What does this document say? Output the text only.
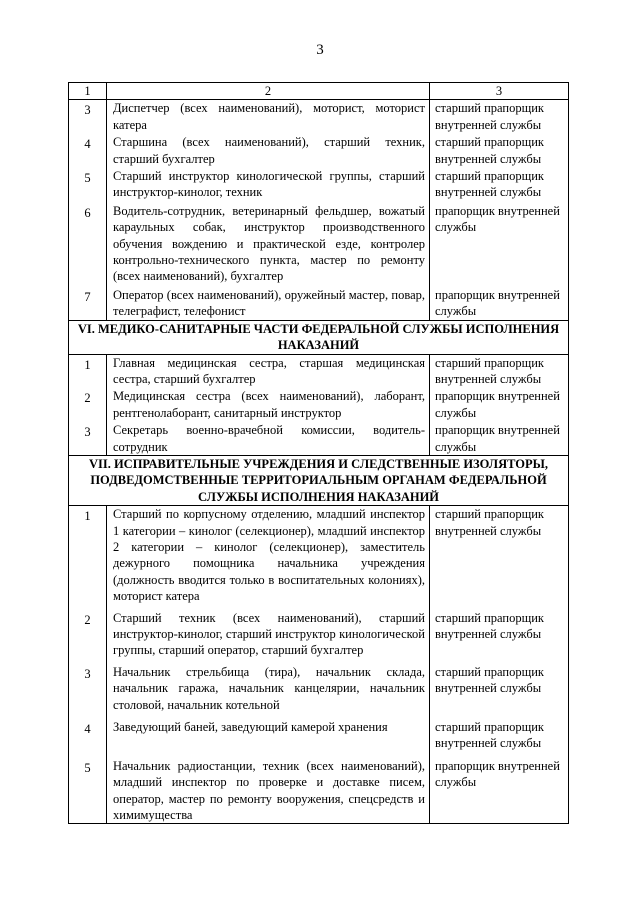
3
1	2	3

3	Диспетчер (всех наименований), моторист, моторист катера	старший прапорщик внутренней службы

4	Старшина (всех наименований), старший техник, старший бухгалтер	старший прапорщик внутренней службы

5	Старший инструктор кинологической группы, старший инструктор-кинолог, техник	старший прапорщик внутренней службы

6	Водитель-сотрудник, ветеринарный фельдшер, вожатый караульных собак, инструктор производственного обучения вождению и практической езде, контролер контрольно-технического пункта, мастер по ремонту (всех наименований), бухгалтер	прапорщик внутренней службы

7	Оператор (всех наименований), оружейный мастер, повар, телеграфист, телефонист	прапорщик внутренней службы

VI. МЕДИКО-САНИТАРНЫЕ ЧАСТИ ФЕДЕРАЛЬНОЙ СЛУЖБЫ ИСПОЛНЕНИЯ НАКАЗАНИЙ		

1	Главная медицинская сестра, старшая медицинская сестра, старший бухгалтер	старший прапорщик внутренней службы

2	Медицинская сестра (всех наименований), лаборант, рентгенолаборант, санитарный инструктор	прапорщик внутренней службы

3	Секретарь военно-врачебной комиссии, водитель-сотрудник	прапорщик внутренней службы

VII. ИСПРАВИТЕЛЬНЫЕ УЧРЕЖДЕНИЯ И СЛЕДСТВЕННЫЕ ИЗОЛЯТОРЫ, ПОДВЕДОМСТВЕННЫЕ ТЕРРИТОРИАЛЬНЫМ ОРГАНАМ ФЕДЕРАЛЬНОЙ СЛУЖБЫ ИСПОЛНЕНИЯ НАКАЗАНИЙ		

1	Старший по корпусному отделению, младший инспектор 1 категории – кинолог (селекционер), младший инспектор 2 категории – кинолог (селекционер), заместитель дежурного помощника начальника учреждения (должность вводится только в воспитательных колониях), моторист катера	старший прапорщик внутренней службы

2	Старший техник (всех наименований), старший инструктор-кинолог, старший инструктор кинологической группы, старший оператор, старший бухгалтер	старший прапорщик внутренней службы

3	Начальник стрельбища (тира), начальник склада, начальник гаража, начальник канцелярии, начальник столовой, начальник котельной	старший прапорщик внутренней службы

4	Заведующий баней, заведующий камерой хранения	старший прапорщик внутренней службы

5	Начальник радиостанции, техник (всех наименований), младший инспектор по проверке и доставке писем, оператор, мастер по ремонту вооружения, спецсредств и химимущества	прапорщик внутренней службы
